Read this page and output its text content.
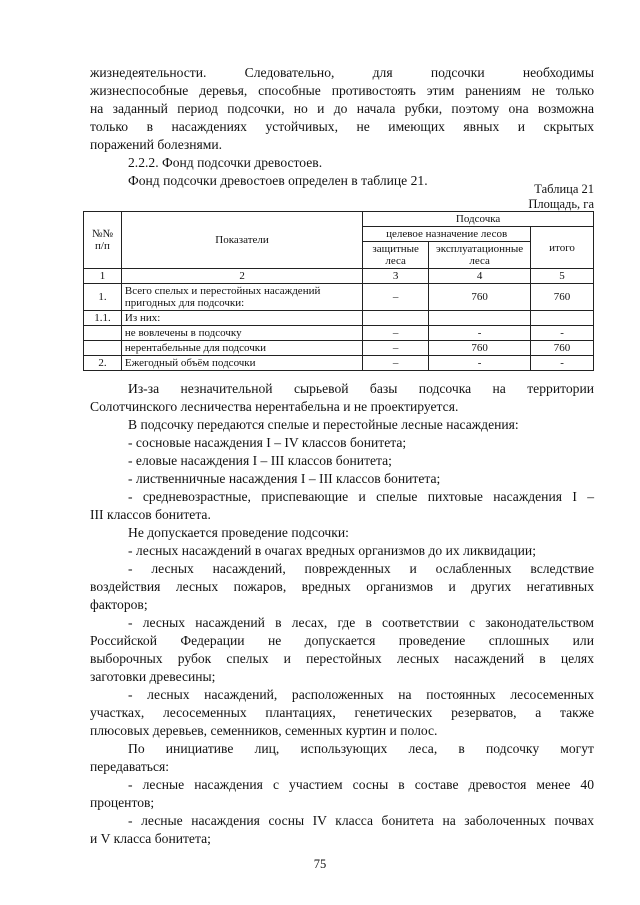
жизнедеятельности. Следовательно, для подсочки необходимы
жизнеспособные деревья, способные противостоять этим ранениям не только
на заданный период подсочки, но и до начала рубки, поэтому она возможна
только в насаждениях устойчивых, не имеющих явных и скрытых
поражений болезнями.
2.2.2. Фонд подсочки древостоев.
Фонд подсочки древостоев определен в таблице 21.
Таблица 21
Площадь, га
№№ п/п	Показатели	Подсочка		
		целевое назначение лесов		итого
		защитные леса	эксплуатационные леса	
1	2	3	4	5
1.	Всего спелых и перестойных насаждений пригодных для подсочки:	–	760	760
1.1.	Из них:			
	не вовлечены в подсочку	–	-	-
	нерентабельные для подсочки	–	760	760
2.	Ежегодный объём подсочки	–	-	-
Из-за незначительной сырьевой базы подсочка на территории
Солотчинского лесничества нерентабельна и не проектируется.
В подсочку передаются спелые и перестойные лесные насаждения:
- сосновые насаждения I – IV классов бонитета;
- еловые насаждения I – III классов бонитета;
- лиственничные насаждения I – III классов бонитета;
- средневозрастные, приспевающие и спелые пихтовые насаждения I –
III классов бонитета.
Не допускается проведение подсочки:
- лесных насаждений в очагах вредных организмов до их ликвидации;
- лесных насаждений, поврежденных и ослабленных вследствие
воздействия лесных пожаров, вредных организмов и других негативных
факторов;
- лесных насаждений в лесах, где в соответствии с законодательством
Российской Федерации не допускается проведение сплошных или
выборочных рубок спелых и перестойных лесных насаждений в целях
заготовки древесины;
- лесных насаждений, расположенных на постоянных лесосеменных
участках, лесосеменных плантациях, генетических резерватов, а также
плюсовых деревьев, семенников, семенных куртин и полос.
По инициативе лиц, использующих леса, в подсочку могут
передаваться:
- лесные насаждения с участием сосны в составе древостоя менее 40
процентов;
- лесные насаждения сосны IV класса бонитета на заболоченных почвах
и V класса бонитета;
75
